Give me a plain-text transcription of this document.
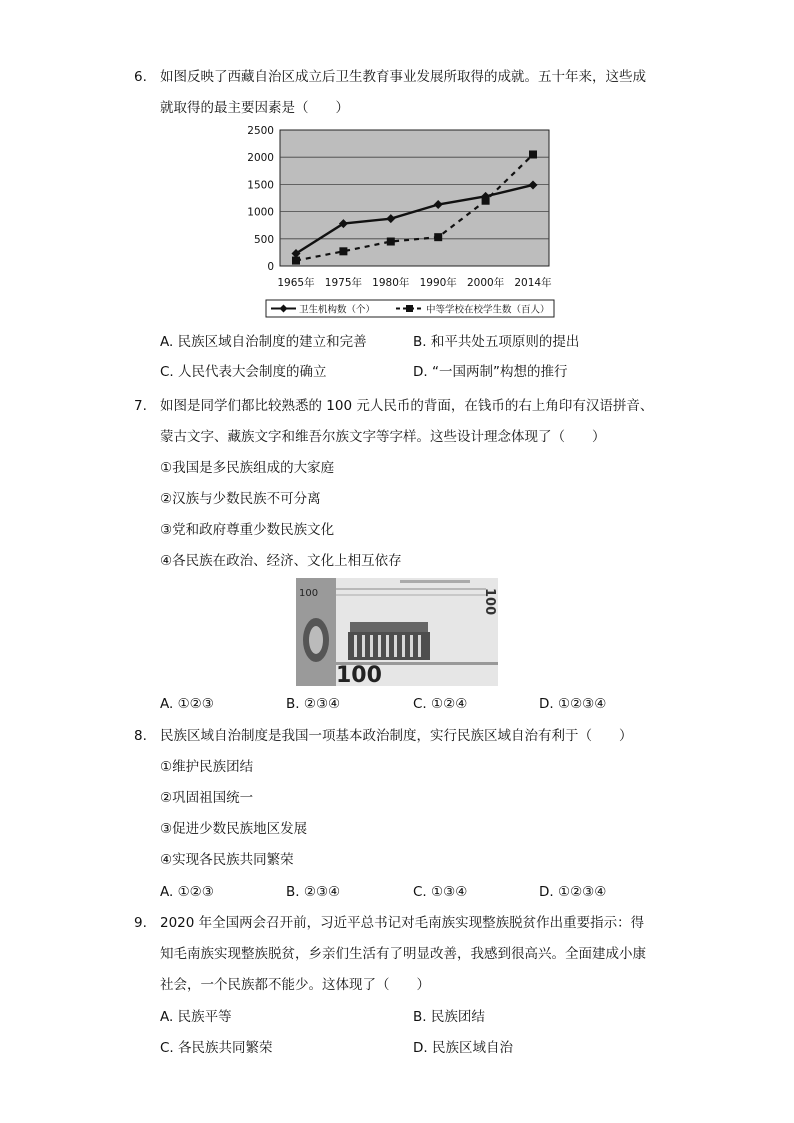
6. 如图反映了西藏自治区成立后卫生教育事业发展所取得的成就。五十年来，这些成
就取得的最主要因素是（　　）
0
500
1000
1500
2000
2500
1965年 1975年 1980年 1990年 2000年 2014年
卫生机构数（个）	中等学校在校学生数（百人）
A. 民族区域自治制度的建立和完善	B. 和平共处五项原则的提出
C. 人民代表大会制度的确立	D. “一国两制”构想的推行
7. 如图是同学们都比较熟悉的 100 元人民币的背面，在钱币的右上角印有汉语拼音、
蒙古文字、藏族文字和维吾尔族文字等字样。这些设计理念体现了（　　）
①我国是多民族组成的大家庭
②汉族与少数民族不可分离
③党和政府尊重少数民族文化
④各民族在政治、经济、文化上相互依存
100
100
100
A. ①②③	B. ②③④	C. ①②④	D. ①②③④
8. 民族区域自治制度是我国一项基本政治制度，实行民族区域自治有利于（　　）
①维护民族团结
②巩固祖国统一
③促进少数民族地区发展
④实现各民族共同繁荣
A. ①②③	B. ②③④	C. ①③④	D. ①②③④
9. 2020 年全国两会召开前，习近平总书记对毛南族实现整族脱贫作出重要指示：得
知毛南族实现整族脱贫，乡亲们生活有了明显改善，我感到很高兴。全面建成小康
社会，一个民族都不能少。这体现了（　　）
A. 民族平等	B. 民族团结
C. 各民族共同繁荣	D. 民族区域自治
